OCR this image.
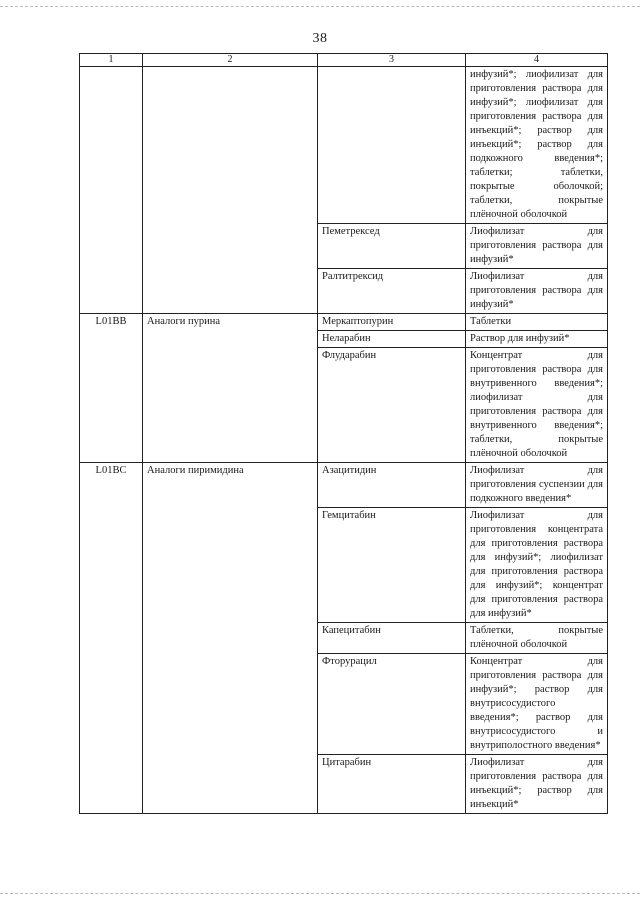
38
1	2	3	4
			инфузий*; лиофилизат для приготовления раствора для инфузий*; лиофилизат для приготовления раствора для инъекций*; раствор для инъекций*; раствор для подкожного введения*; таблетки; таблетки, покрытые оболочкой; таблетки, покрытые плёночной оболочкой
		Пеметрексед	Лиофилизат для приготовления раствора для инфузий*
		Ралтитрексид	Лиофилизат для приготовления раствора для инфузий*
L01BB	Аналоги пурина	Меркаптопурин	Таблетки
		Неларабин	Раствор для инфузий*
		Флударабин	Концентрат для приготовления раствора для внутривенного введения*; лиофилизат для приготовления раствора для внутривенного введения*; таблетки, покрытые плёночной оболочкой
L01BC	Аналоги пиримидина	Азацитидин	Лиофилизат для приготовления суспензии для подкожного введения*
		Гемцитабин	Лиофилизат для приготовления концентрата для приготовления раствора для инфузий*; лиофилизат для приготовления раствора для инфузий*; концентрат для приготовления раствора для инфузий*
		Капецитабин	Таблетки, покрытые плёночной оболочкой
		Фторурацил	Концентрат для приготовления раствора для инфузий*; раствор для внутрисосудистого введения*; раствор для внутрисосудистого и внутриполостного введения*
		Цитарабин	Лиофилизат для приготовления раствора для инъекций*; раствор для инъекций*
